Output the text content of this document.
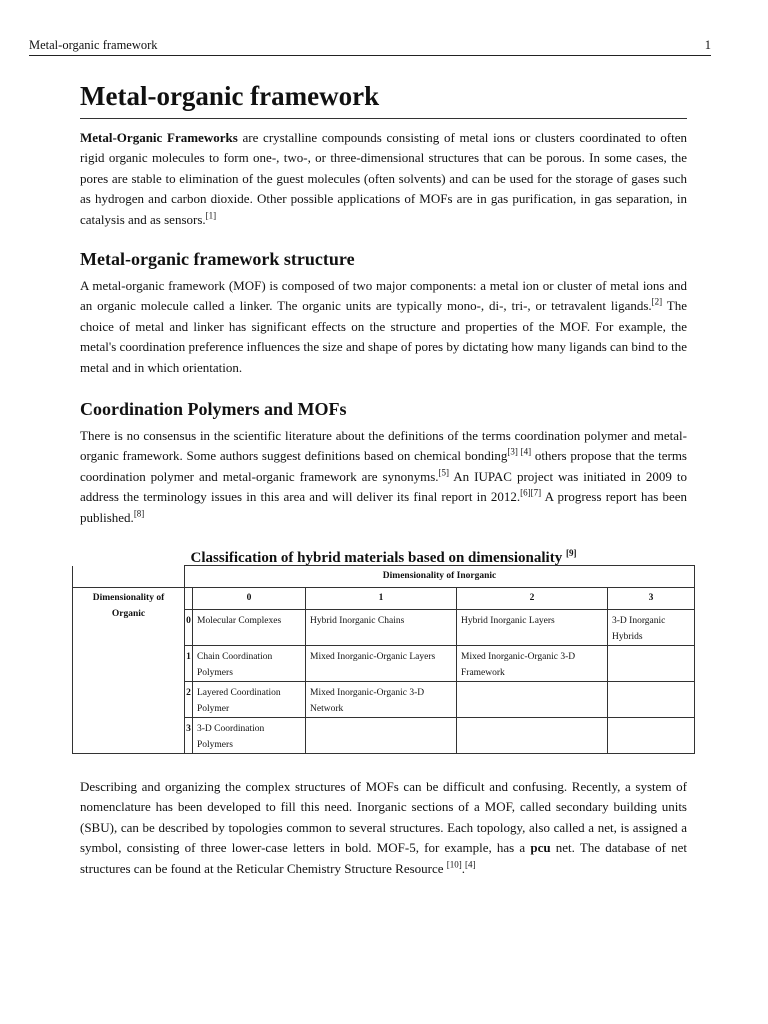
Metal-organic framework	1
Metal-organic framework

Metal-Organic Frameworks are crystalline compounds consisting of metal ions or clusters coordinated to often rigid organic molecules to form one-, two-, or three-dimensional structures that can be porous. In some cases, the pores are stable to elimination of the guest molecules (often solvents) and can be used for the storage of gases such as hydrogen and carbon dioxide. Other possible applications of MOFs are in gas purification, in gas separation, in catalysis and as sensors.[1]

Metal-organic framework structure

A metal-organic framework (MOF) is composed of two major components: a metal ion or cluster of metal ions and an organic molecule called a linker. The organic units are typically mono-, di-, tri-, or tetravalent ligands.[2] The choice of metal and linker has significant effects on the structure and properties of the MOF. For example, the metal's coordination preference influences the size and shape of pores by dictating how many ligands can bind to the metal and in which orientation.

Coordination Polymers and MOFs

There is no consensus in the scientific literature about the definitions of the terms coordination polymer and metal-organic framework. Some authors suggest definitions based on chemical bonding[3] [4] others propose that the terms coordination polymer and metal-organic framework are synonyms.[5] An IUPAC project was initiated in 2009 to address the terminology issues in this area and will deliver its final report in 2012.[6][7] A progress report has been published.[8]

Classification of hybrid materials based on dimensionality [9]
	Dimensionality of Inorganic				
Dimensionality of Organic		0	1	2	3
	0	Molecular Complexes	Hybrid Inorganic Chains	Hybrid Inorganic Layers	3-D Inorganic Hybrids
	1	Chain Coordination Polymers	Mixed Inorganic-Organic Layers	Mixed Inorganic-Organic 3-D Framework	
	2	Layered Coordination Polymer	Mixed Inorganic-Organic 3-D Network		
	3	3-D Coordination Polymers			

Describing and organizing the complex structures of MOFs can be difficult and confusing. Recently, a system of nomenclature has been developed to fill this need. Inorganic sections of a MOF, called secondary building units (SBU), can be described by topologies common to several structures. Each topology, also called a net, is assigned a symbol, consisting of three lower-case letters in bold. MOF-5, for example, has a pcu net. The database of net structures can be found at the Reticular Chemistry Structure Resource [10].[4]
